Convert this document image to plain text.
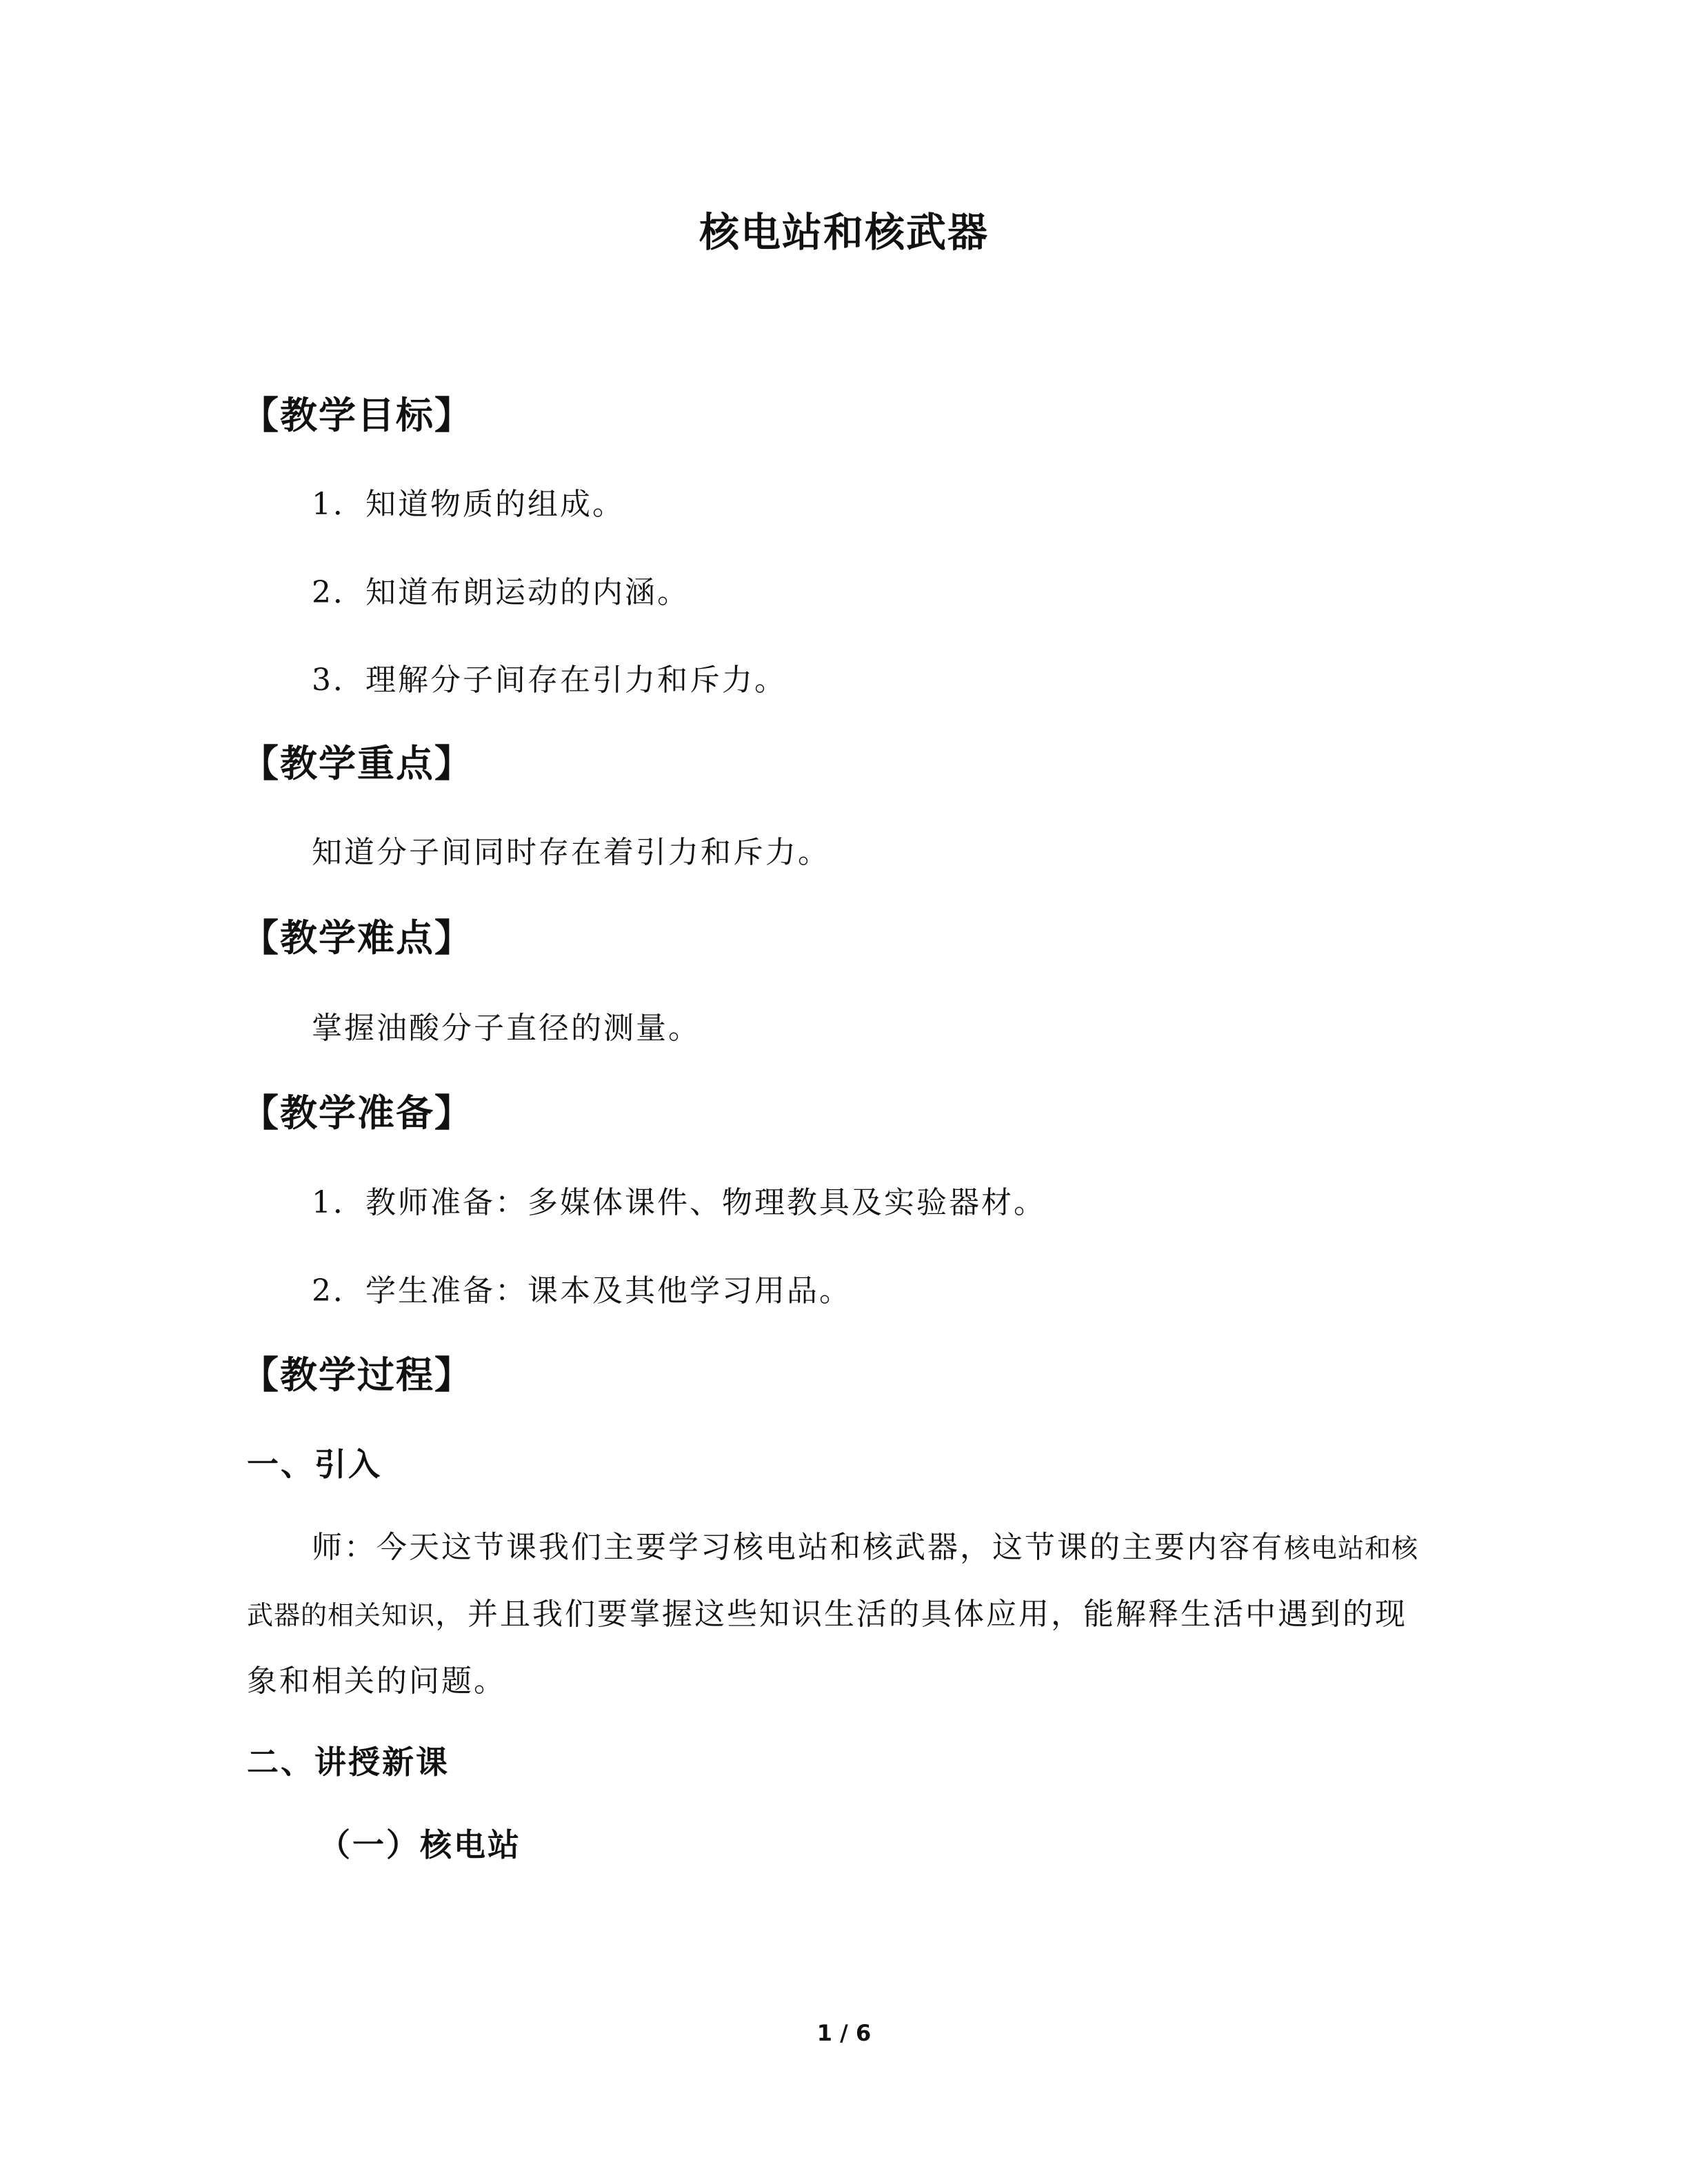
核电站和核武器
【教学目标】
1．知道物质的组成。
2．知道布朗运动的内涵。
3．理解分子间存在引力和斥力。
【教学重点】
知道分子间同时存在着引力和斥力。
【教学难点】
掌握油酸分子直径的测量。
【教学准备】
1．教师准备：多媒体课件、物理教具及实验器材。
2．学生准备：课本及其他学习用品。
【教学过程】
一、引入
师：今天这节课我们主要学习核电站和核武器，这节课的主要内容有核电站和核武器的相关知识，并且我们要掌握这些知识生活的具体应用，能解释生活中遇到的现象和相关的问题。
二、讲授新课
（一）核电站
1 / 6
